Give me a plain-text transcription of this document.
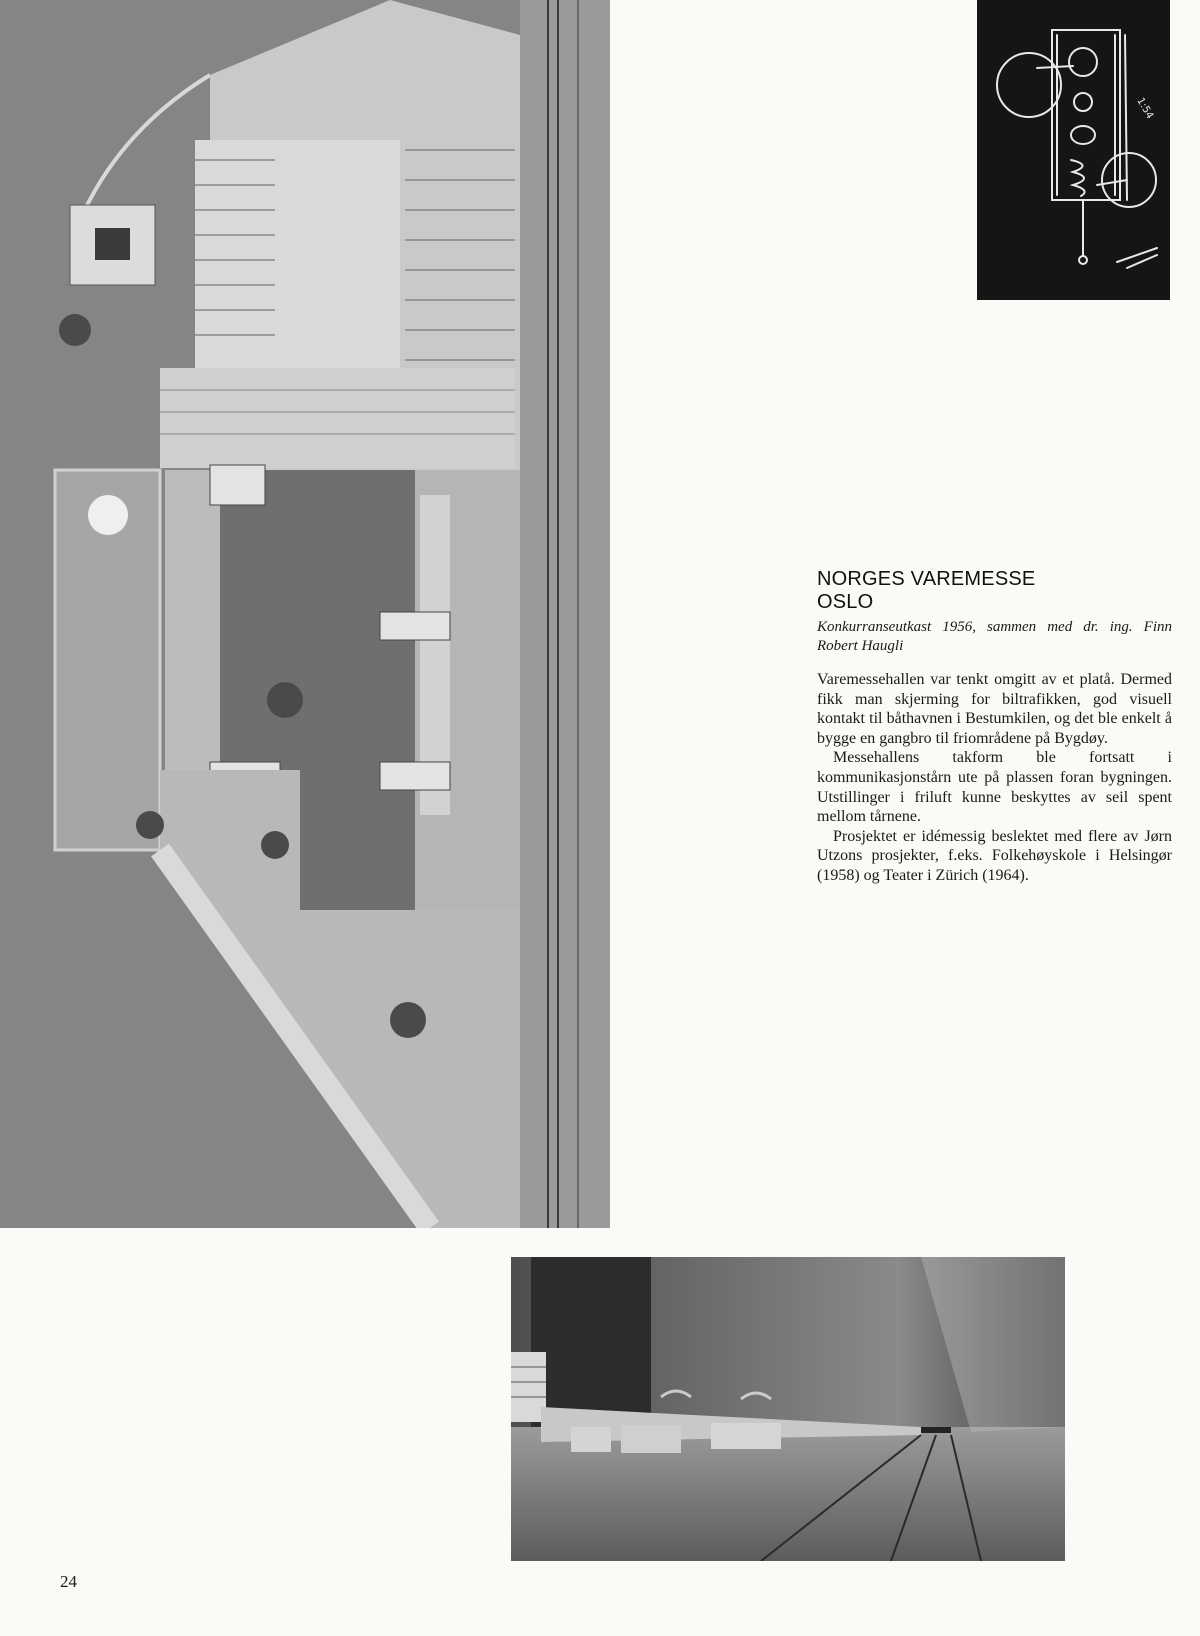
1:54
NORGES VAREMESSE
OSLO

Konkurranseutkast 1956, sammen med dr. ing. Finn Robert Haugli

Varemessehallen var tenkt omgitt av et platå. Dermed fikk man skjerming for biltrafikken, god visuell kontakt til båthavnen i Bestumkilen, og det ble enkelt å bygge en gangbro til friområdene på Bygdøy.

Messehallens takform ble fortsatt i kommunikasjonstårn ute på plassen foran bygningen. Utstillinger i friluft kunne beskyttes av seil spent mellom tårnene.

Prosjektet er idémessig beslektet med flere av Jørn Utzons prosjekter, f.eks. Folkehøyskole i Helsingør (1958) og Teater i Zürich (1964).

24
